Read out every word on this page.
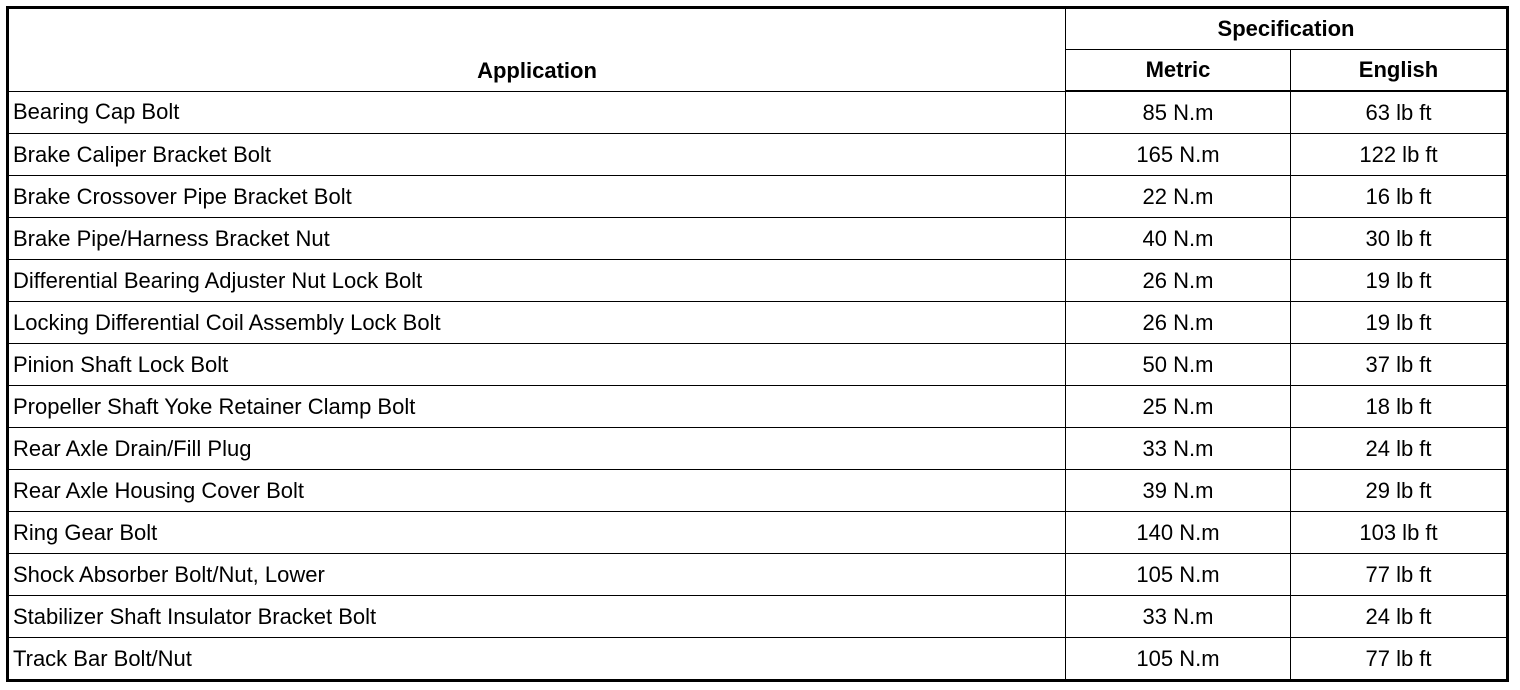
Application	Specification	
	Metric	English
Bearing Cap Bolt	85 N.m	63 lb ft
Brake Caliper Bracket Bolt	165 N.m	122 lb ft
Brake Crossover Pipe Bracket Bolt	22 N.m	16 lb ft
Brake Pipe/Harness Bracket Nut	40 N.m	30 lb ft
Differential Bearing Adjuster Nut Lock Bolt	26 N.m	19 lb ft
Locking Differential Coil Assembly Lock Bolt	26 N.m	19 lb ft
Pinion Shaft Lock Bolt	50 N.m	37 lb ft
Propeller Shaft Yoke Retainer Clamp Bolt	25 N.m	18 lb ft
Rear Axle Drain/Fill Plug	33 N.m	24 lb ft
Rear Axle Housing Cover Bolt	39 N.m	29 lb ft
Ring Gear Bolt	140 N.m	103 lb ft
Shock Absorber Bolt/Nut, Lower	105 N.m	77 lb ft
Stabilizer Shaft Insulator Bracket Bolt	33 N.m	24 lb ft
Track Bar Bolt/Nut	105 N.m	77 lb ft
